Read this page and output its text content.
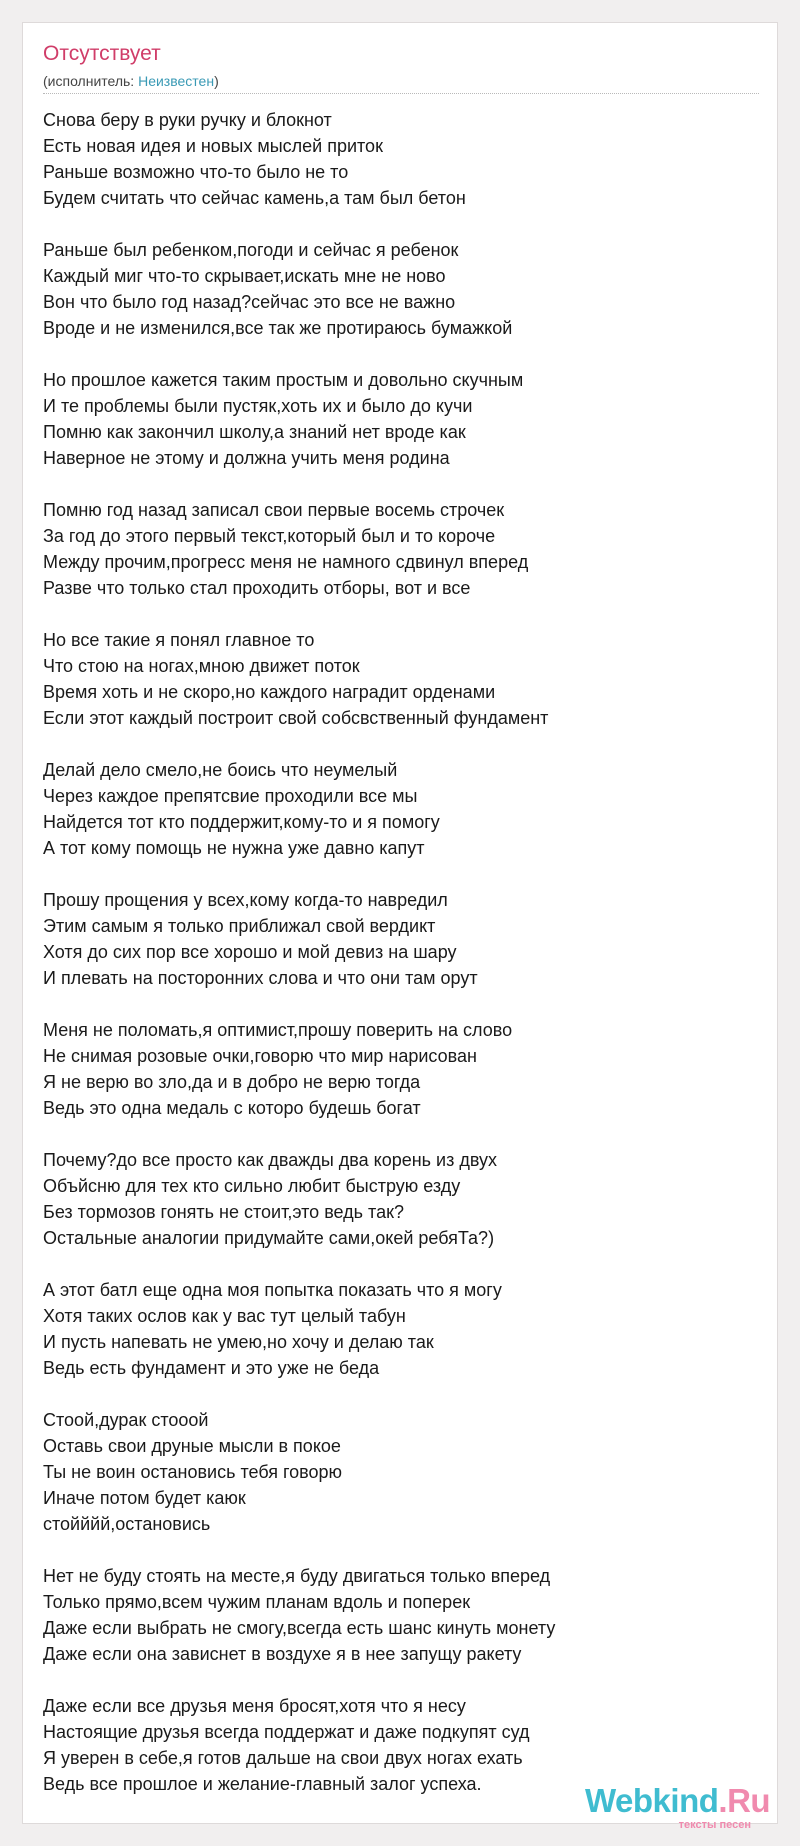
Отсутствует
(исполнитель: Неизвестен)
Снова беру в руки ручку и блокнот
Есть новая идея и новых мыслей приток
Раньше возможно что-то было не то
Будем считать что сейчас камень,а там был бетон
Раньше был ребенком,погоди и сейчас я ребенок
Каждый миг что-то скрывает,искать мне не ново
Вон что было год назад?сейчас это все не важно
Вроде и не изменился,все так же протираюсь бумажкой
Но прошлое кажется таким простым и довольно скучным
И те проблемы были пустяк,хоть их и было до кучи
Помню как закончил школу,а знаний нет вроде как
Наверное не этому и должна учить меня родина
Помню год назад записал свои первые восемь строчек
За год до этого первый текст,который был и то короче
Между прочим,прогресс меня не намного сдвинул вперед
Разве что только стал проходить отборы, вот и все
Но все такие я понял главное то
Что стою на ногах,мною движет поток
Время хоть и не скоро,но каждого наградит орденами
Если этот каждый построит свой собсвственный фундамент
Делай дело смело,не боись что неумелый
Через каждое препятсвие проходили все мы
Найдется тот кто поддержит,кому-то и я помогу
А тот кому помощь не нужна уже давно капут
Прошу прощения у всех,кому когда-то навредил
Этим самым я только приближал свой вердикт
Хотя до сих пор все хорошо и мой девиз на шару
И плевать на посторонних слова и что они там орут
Меня не поломать,я оптимист,прошу поверить на слово
Не снимая розовые очки,говорю что мир нарисован
Я не верю во зло,да и в добро не верю тогда
Ведь это одна медаль с которо будешь богат
Почему?до все просто как дважды два корень из двух
Объйсню для тех кто сильно любит быструю езду
Без тормозов гонять не стоит,это ведь так?
Остальные аналогии придумайте сами,окей ребяТа?)
А этот батл еще одна моя попытка показать что я могу
Хотя таких ослов как у вас тут целый табун
И пусть напевать не умею,но хочу и делаю так
Ведь есть фундамент и это уже не беда
Стоой,дурак стооой
Оставь свои друные мысли в покое
Ты не воин остановись тебя говорю
Иначе потом будет каюк
стойййй,остановись
Нет не буду стоять на месте,я буду двигаться только вперед
Только прямо,всем чужим планам вдоль и поперек
Даже если выбрать не смогу,всегда есть шанс кинуть монету
Даже если она зависнет в воздухе я в нее запущу ракету
Даже если все друзья меня бросят,хотя что я несу
Настоящие друзья всегда поддержат и даже подкупят суд
Я уверен в себе,я готов дальше на свои двух ногах ехать
Ведь все прошлое и желание-главный залог успеха.	Webkind.Ru
тексты песен
